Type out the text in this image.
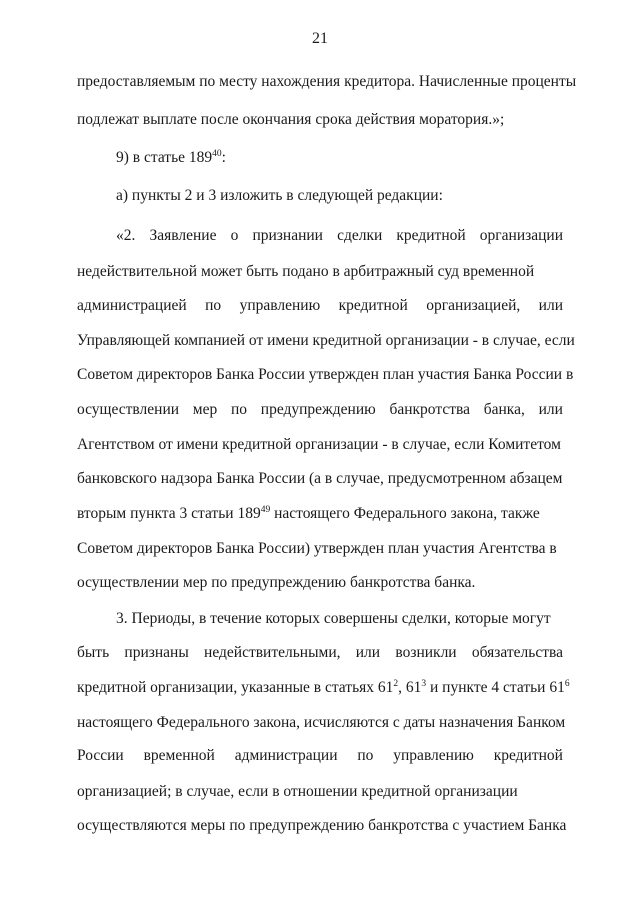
21
предоставляемым по месту нахождения кредитора. Начисленные проценты
подлежат выплате после окончания срока действия моратория.»;
9) в статье $189^{40}$:
а) пункты 2 и 3 изложить в следующей редакции:
«2. Заявление о признании сделки кредитной организации
недействительной может быть подано в арбитражный суд временной
администрацией по управлению кредитной организацией, или
Управляющей компанией от имени кредитной организации - в случае, если
Советом директоров Банка России утвержден план участия Банка России в
осуществлении мер по предупреждению банкротства банка, или
Агентством от имени кредитной организации - в случае, если Комитетом
банковского надзора Банка России (а в случае, предусмотренном абзацем
вторым пункта 3 статьи $189^{49}$ настоящего Федерального закона, также
Советом директоров Банка России) утвержден план участия Агентства в
осуществлении мер по предупреждению банкротства банка.
3. Периоды, в течение которых совершены сделки, которые могут
быть признаны недействительными, или возникли обязательства
кредитной организации, указанные в статьях $61^2$, $61^3$ и пункте 4 статьи $61^6$
настоящего Федерального закона, исчисляются с даты назначения Банком
России временной администрации по управлению кредитной
организацией; в случае, если в отношении кредитной организации
осуществляются меры по предупреждению банкротства с участием Банка
